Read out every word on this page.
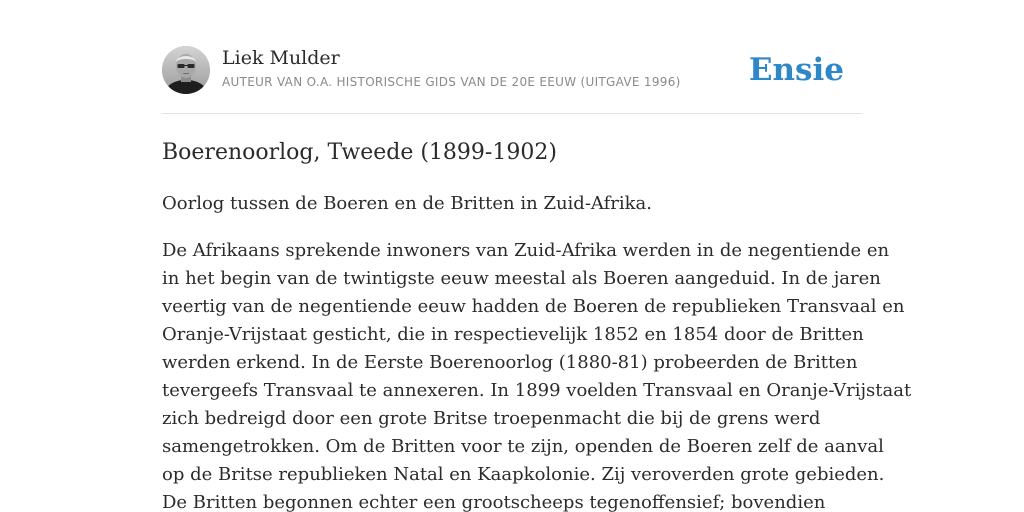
Liek Mulder
AUTEUR VAN O.A. HISTORISCHE GIDS VAN DE 20E EEUW (UITGAVE 1996) Ensie
Boerenoorlog, Tweede (1899-1902)

Oorlog tussen de Boeren en de Britten in Zuid-Afrika.

De Afrikaans sprekende inwoners van Zuid-Afrika werden in de negentiende en
in het begin van de twintigste eeuw meestal als Boeren aangeduid. In de jaren
veertig van de negentiende eeuw hadden de Boeren de republieken Transvaal en
Oranje-Vrijstaat gesticht, die in respectievelijk 1852 en 1854 door de Britten
werden erkend. In de Eerste Boerenoorlog (1880-81) probeerden de Britten
tevergeefs Transvaal te annexeren. In 1899 voelden Transvaal en Oranje-Vrijstaat
zich bedreigd door een grote Britse troepenmacht die bij de grens werd
samengetrokken. Om de Britten voor te zijn, openden de Boeren zelf de aanval
op de Britse republieken Natal en Kaapkolonie. Zij veroverden grote gebieden.
De Britten begonnen echter een grootscheeps tegenoffensief; bovendien
